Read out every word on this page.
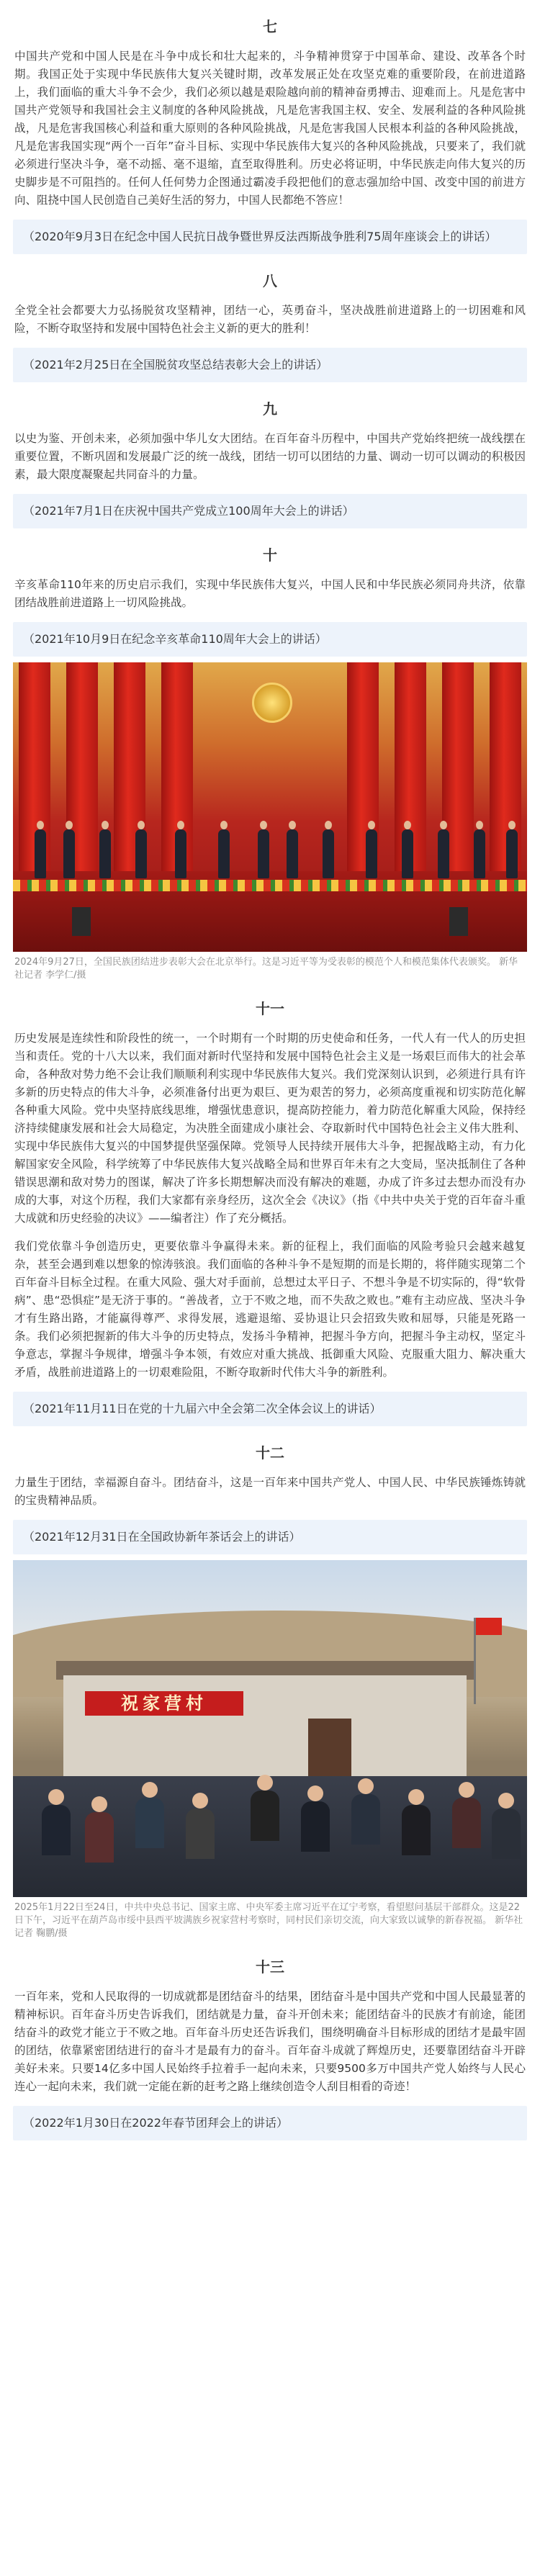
七

中国共产党和中国人民是在斗争中成长和壮大起来的，斗争精神贯穿于中国革命、建设、改革各个时期。我国正处于实现中华民族伟大复兴关键时期，改革发展正处在攻坚克难的重要阶段，在前进道路上，我们面临的重大斗争不会少，我们必须以越是艰险越向前的精神奋勇搏击、迎难而上。凡是危害中国共产党领导和我国社会主义制度的各种风险挑战，凡是危害我国主权、安全、发展利益的各种风险挑战，凡是危害我国核心利益和重大原则的各种风险挑战，凡是危害我国人民根本利益的各种风险挑战，凡是危害我国实现“两个一百年”奋斗目标、实现中华民族伟大复兴的各种风险挑战，只要来了，我们就必须进行坚决斗争，毫不动摇、毫不退缩，直至取得胜利。历史必将证明，中华民族走向伟大复兴的历史脚步是不可阻挡的。任何人任何势力企图通过霸凌手段把他们的意志强加给中国、改变中国的前进方向、阻挠中国人民创造自己美好生活的努力，中国人民都绝不答应！

（2020年9月3日在纪念中国人民抗日战争暨世界反法西斯战争胜利75周年座谈会上的讲话）
八

全党全社会都要大力弘扬脱贫攻坚精神，团结一心，英勇奋斗，坚决战胜前进道路上的一切困难和风险，不断夺取坚持和发展中国特色社会主义新的更大的胜利！

（2021年2月25日在全国脱贫攻坚总结表彰大会上的讲话）
九

以史为鉴、开创未来，必须加强中华儿女大团结。在百年奋斗历程中，中国共产党始终把统一战线摆在重要位置，不断巩固和发展最广泛的统一战线，团结一切可以团结的力量、调动一切可以调动的积极因素，最大限度凝聚起共同奋斗的力量。

（2021年7月1日在庆祝中国共产党成立100周年大会上的讲话）
十

辛亥革命110年来的历史启示我们，实现中华民族伟大复兴，中国人民和中华民族必须同舟共济，依靠团结战胜前进道路上一切风险挑战。

（2021年10月9日在纪念辛亥革命110周年大会上的讲话）
2024年9月27日，全国民族团结进步表彰大会在北京举行。这是习近平等为受表彰的模范个人和模范集体代表颁奖。 新华社记者 李学仁/摄
十一

历史发展是连续性和阶段性的统一，一个时期有一个时期的历史使命和任务，一代人有一代人的历史担当和责任。党的十八大以来，我们面对新时代坚持和发展中国特色社会主义是一场艰巨而伟大的社会革命，各种敌对势力绝不会让我们顺顺利利实现中华民族伟大复兴。我们党深刻认识到，必须进行具有许多新的历史特点的伟大斗争，必须准备付出更为艰巨、更为艰苦的努力，必须高度重视和切实防范化解各种重大风险。党中央坚持底线思维，增强忧患意识，提高防控能力，着力防范化解重大风险，保持经济持续健康发展和社会大局稳定，为决胜全面建成小康社会、夺取新时代中国特色社会主义伟大胜利、实现中华民族伟大复兴的中国梦提供坚强保障。党领导人民持续开展伟大斗争，把握战略主动，有力化解国家安全风险，科学统筹了中华民族伟大复兴战略全局和世界百年未有之大变局，坚决抵制住了各种错误思潮和敌对势力的图谋，解决了许多长期想解决而没有解决的难题，办成了许多过去想办而没有办成的大事，对这个历程，我们大家都有亲身经历，这次全会《决议》（指《中共中央关于党的百年奋斗重大成就和历史经验的决议》——编者注）作了充分概括。

我们党依靠斗争创造历史，更要依靠斗争赢得未来。新的征程上，我们面临的风险考验只会越来越复杂，甚至会遇到难以想象的惊涛骇浪。我们面临的各种斗争不是短期的而是长期的，将伴随实现第二个百年奋斗目标全过程。在重大风险、强大对手面前，总想过太平日子、不想斗争是不切实际的，得“软骨病”、患“恐惧症”是无济于事的。“善战者，立于不败之地，而不失敌之败也。”难有主动应战、坚决斗争才有生路出路，才能赢得尊严、求得发展，逃避退缩、妥协退让只会招致失败和屈辱，只能是死路一条。我们必须把握新的伟大斗争的历史特点，发扬斗争精神，把握斗争方向，把握斗争主动权，坚定斗争意志，掌握斗争规律，增强斗争本领，有效应对重大挑战、抵御重大风险、克服重大阻力、解决重大矛盾，战胜前进道路上的一切艰难险阻，不断夺取新时代伟大斗争的新胜利。

（2021年11月11日在党的十九届六中全会第二次全体会议上的讲话）
十二

力量生于团结，幸福源自奋斗。团结奋斗，这是一百年来中国共产党人、中国人民、中华民族锤炼铸就的宝贵精神品质。

（2021年12月31日在全国政协新年茶话会上的讲话）
祝家营村
2025年1月22日至24日，中共中央总书记、国家主席、中央军委主席习近平在辽宁考察，看望慰问基层干部群众。这是22日下午，习近平在葫芦岛市绥中县西平坡满族乡祝家营村考察时，同村民们亲切交流，向大家致以诚挚的新春祝福。 新华社记者 鞠鹏/摄
十三

一百年来，党和人民取得的一切成就都是团结奋斗的结果，团结奋斗是中国共产党和中国人民最显著的精神标识。百年奋斗历史告诉我们，团结就是力量，奋斗开创未来；能团结奋斗的民族才有前途，能团结奋斗的政党才能立于不败之地。百年奋斗历史还告诉我们，围绕明确奋斗目标形成的团结才是最牢固的团结，依靠紧密团结进行的奋斗才是最有力的奋斗。百年奋斗成就了辉煌历史，还要靠团结奋斗开辟美好未来。只要14亿多中国人民始终手拉着手一起向未来，只要9500多万中国共产党人始终与人民心连心一起向未来，我们就一定能在新的赶考之路上继续创造令人刮目相看的奇迹！

（2022年1月30日在2022年春节团拜会上的讲话）
